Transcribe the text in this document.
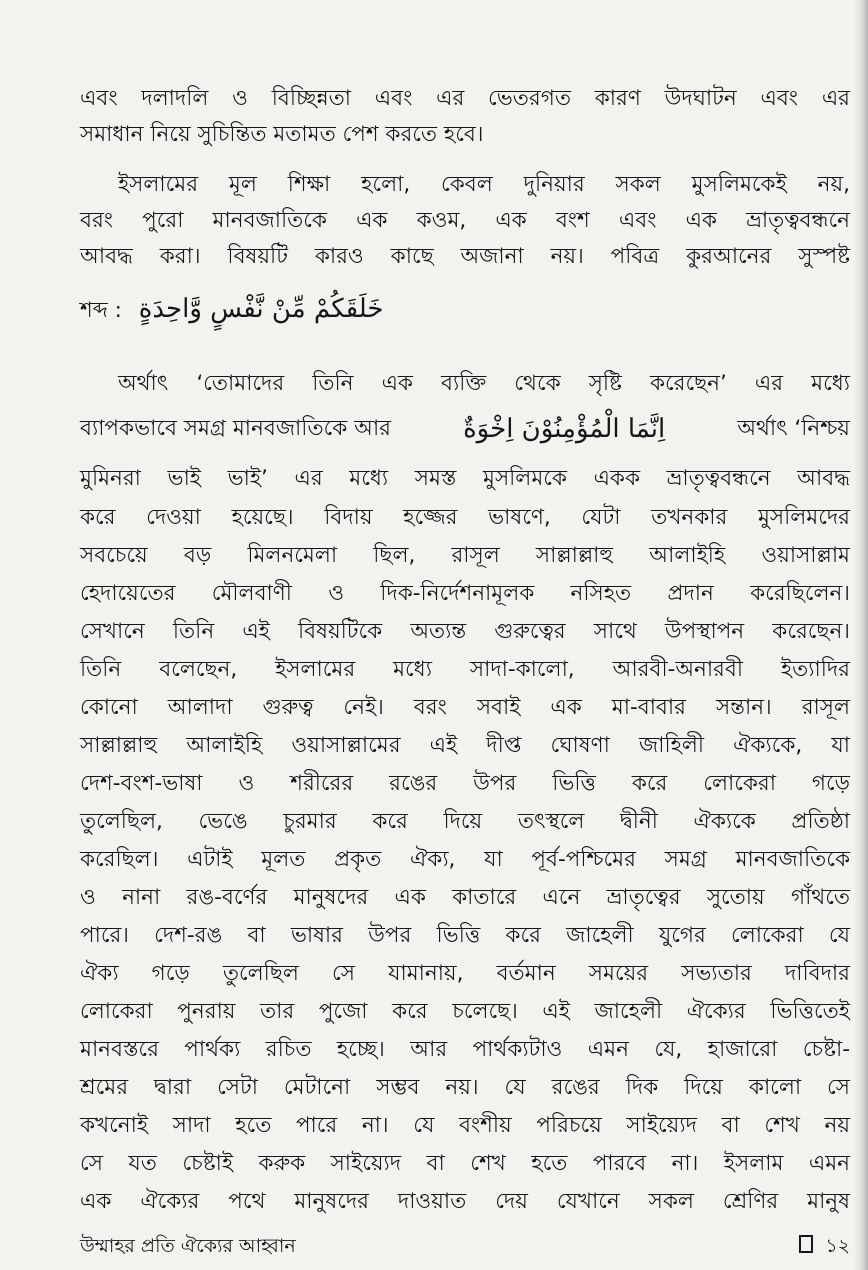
এবং দলাদলি ও বিচ্ছিন্নতা এবং এর ভেতরগত কারণ উদঘাটন এবং এর
সমাধান নিয়ে সুচিন্তিত মতামত পেশ করতে হবে।
ইসলামের মূল শিক্ষা হলো, কেবল দুনিয়ার সকল মুসলিমকেই নয়,
বরং পুরো মানবজাতিকে এক কওম, এক বংশ এবং এক ভ্রাতৃত্ববন্ধনে
আবদ্ধ করা। বিষয়টি কারও কাছে অজানা নয়। পবিত্র কুরআনের সুস্পষ্ট
শব্দ : خَلَقَكُمْ مِّنْ نَّفْسٍ وَّاحِدَةٍ
অর্থাৎ ‘তোমাদের তিনি এক ব্যক্তি থেকে সৃষ্টি করেছেন’ এর মধ্যে
ব্যাপকভাবে সমগ্র মানবজাতিকে আর	اِنَّمَا الْمُؤْمِنُوْنَ اِخْوَةٌ	অর্থাৎ ‘নিশ্চয়
মুমিনরা ভাই ভাই’ এর মধ্যে সমস্ত মুসলিমকে একক ভ্রাতৃত্ববন্ধনে আবদ্ধ
করে দেওয়া হয়েছে। বিদায় হজ্জের ভাষণে, যেটা তখনকার মুসলিমদের
সবচেয়ে বড় মিলনমেলা ছিল, রাসূল সাল্লাল্লাহু আলাইহি ওয়াসাল্লাম
হেদায়েতের মৌলবাণী ও দিক-নির্দেশনামূলক নসিহত প্রদান করেছিলেন।
সেখানে তিনি এই বিষয়টিকে অত্যন্ত গুরুত্বের সাথে উপস্থাপন করেছেন।
তিনি বলেছেন, ইসলামের মধ্যে সাদা-কালো, আরবী-অনারবী ইত্যাদির
কোনো আলাদা গুরুত্ব নেই। বরং সবাই এক মা-বাবার সন্তান। রাসূল
সাল্লাল্লাহু আলাইহি ওয়াসাল্লামের এই দীপ্ত ঘোষণা জাহিলী ঐক্যকে, যা
দেশ-বংশ-ভাষা ও শরীরের রঙের উপর ভিত্তি করে লোকেরা গড়ে
তুলেছিল, ভেঙে চুরমার করে দিয়ে তৎস্থলে দ্বীনী ঐক্যকে প্রতিষ্ঠা
করেছিল। এটাই মূলত প্রকৃত ঐক্য, যা পূর্ব-পশ্চিমের সমগ্র মানবজাতিকে
ও নানা রঙ-বর্ণের মানুষদের এক কাতারে এনে ভ্রাতৃত্বের সুতোয় গাঁথতে
পারে। দেশ-রঙ বা ভাষার উপর ভিত্তি করে জাহেলী যুগের লোকেরা যে
ঐক্য গড়ে তুলেছিল সে যামানায়, বর্তমান সময়ের সভ্যতার দাবিদার
লোকেরা পুনরায় তার পুজো করে চলেছে। এই জাহেলী ঐক্যের ভিত্তিতেই
মানবস্তরে পার্থক্য রচিত হচ্ছে। আর পার্থক্যটাও এমন যে, হাজারো চেষ্টা-
শ্রমের দ্বারা সেটা মেটানো সম্ভব নয়। যে রঙের দিক দিয়ে কালো সে
কখনোই সাদা হতে পারে না। যে বংশীয় পরিচয়ে সাইয়্যেদ বা শেখ নয়
সে যত চেষ্টাই করুক সাইয়্যেদ বা শেখ হতে পারবে না। ইসলাম এমন
এক ঐক্যের পথে মানুষদের দাওয়াত দেয় যেখানে সকল শ্রেণির মানুষ
উম্মাহর প্রতি ঐক্যের আহ্বান	১২
